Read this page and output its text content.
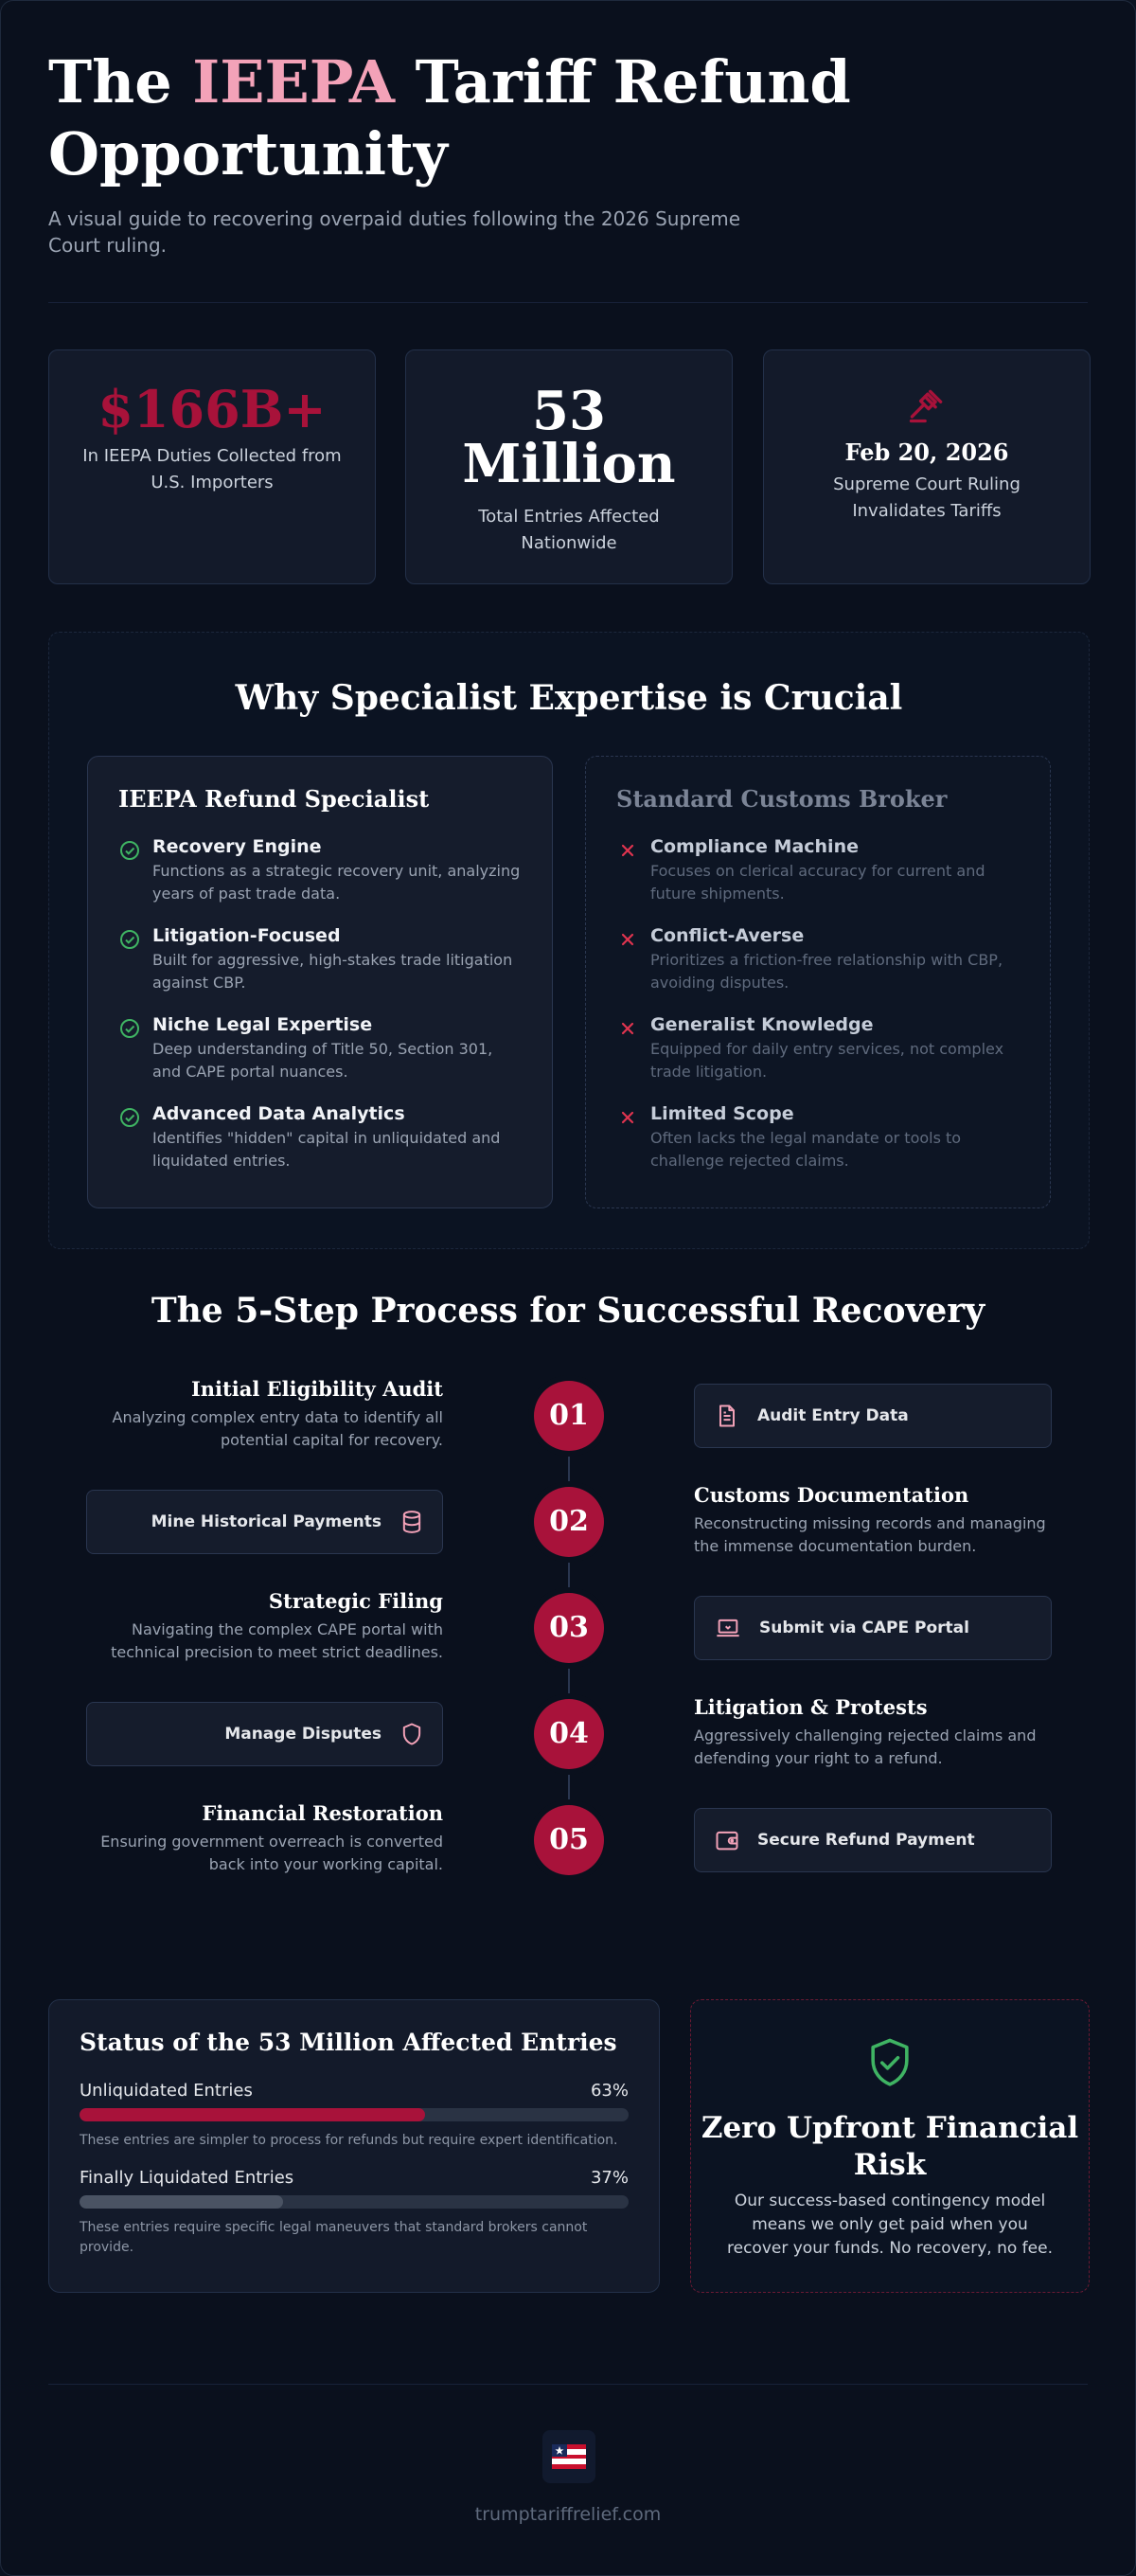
The IEEPA Tariff Refund Opportunity

A visual guide to recovering overpaid duties following the 2026 Supreme Court ruling.

$166B+
In IEEPA Duties Collected from U.S. Importers
53
Million
Total Entries Affected Nationwide
Feb 20, 2026
Supreme Court Ruling Invalidates Tariffs
Why Specialist Expertise is Crucial
IEEPA Refund Specialist
Recovery Engine
Functions as a strategic recovery unit, analyzing years of past trade data.
Litigation-Focused
Built for aggressive, high-stakes trade litigation against CBP.
Niche Legal Expertise
Deep understanding of Title 50, Section 301, and CAPE portal nuances.
Advanced Data Analytics
Identifies "hidden" capital in unliquidated and liquidated entries.
Standard Customs Broker
Compliance Machine
Focuses on clerical accuracy for current and future shipments.
Conflict-Averse
Prioritizes a friction-free relationship with CBP, avoiding disputes.
Generalist Knowledge
Equipped for daily entry services, not complex trade litigation.
Limited Scope
Often lacks the legal mandate or tools to challenge rejected claims.
The 5-Step Process for Successful Recovery
Initial Eligibility Audit
Analyzing complex entry data to identify all potential capital for recovery.
01	Audit Entry Data
Mine Historical Payments	02
Customs Documentation
Reconstructing missing records and managing the immense documentation burden.
Strategic Filing
Navigating the complex CAPE portal with technical precision to meet strict deadlines.
03	Submit via CAPE Portal
Manage Disputes	04
Litigation & Protests
Aggressively challenging rejected claims and defending your right to a refund.
Financial Restoration
Ensuring government overreach is converted back into your working capital.
05	Secure Refund Payment
Status of the 53 Million Affected Entries
Unliquidated Entries	63%
These entries are simpler to process for refunds but require expert identification.
Finally Liquidated Entries	37%
These entries require specific legal maneuvers that standard brokers cannot provide.
Zero Upfront Financial Risk

Our success-based contingency model means we only get paid when you recover your funds. No recovery, no fee.

trumptariffrelief.com
